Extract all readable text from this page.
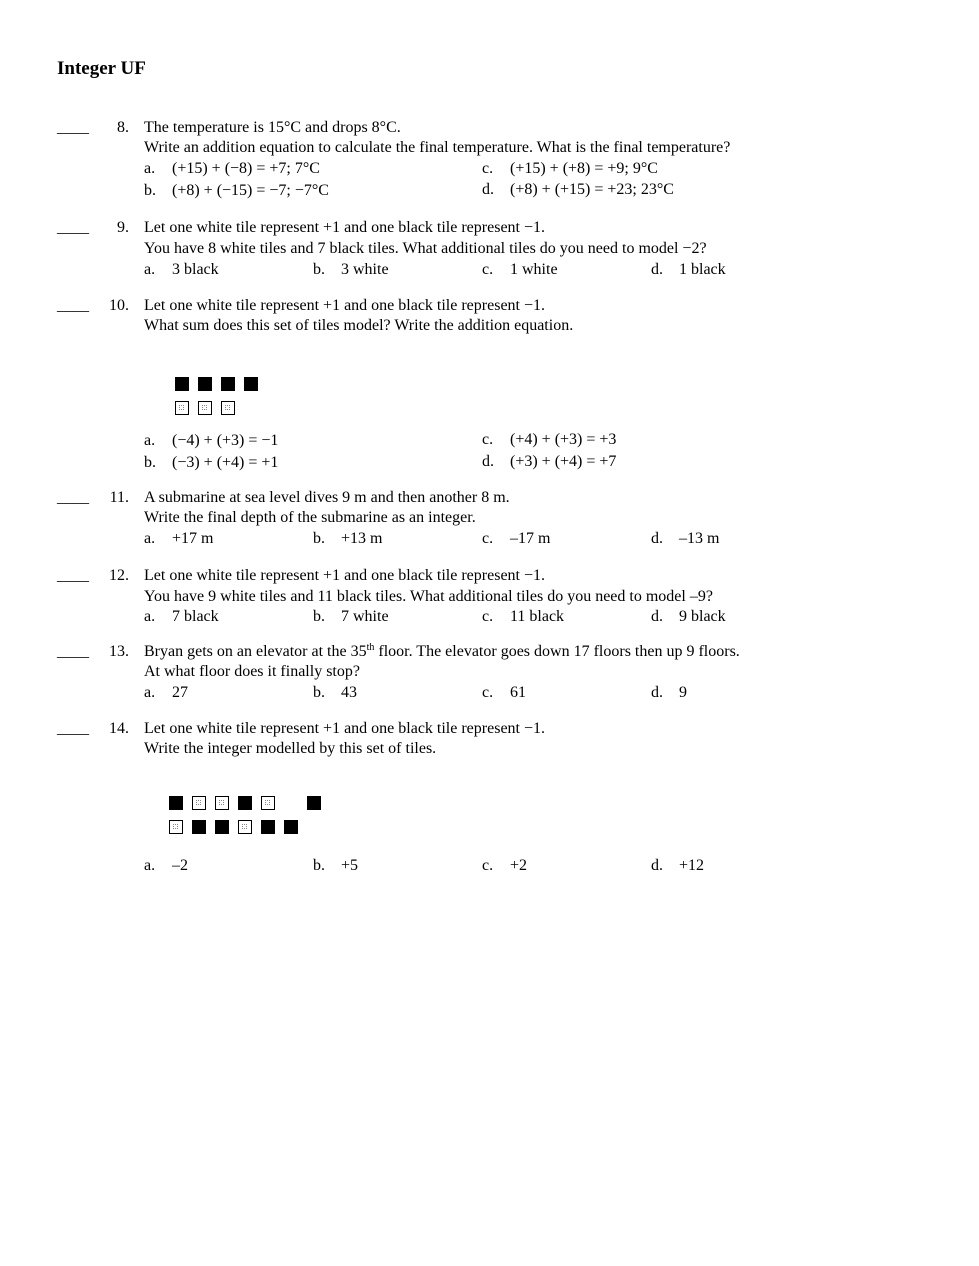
Integer UF
____	8. The temperature is 15°C and drops 8°C.
Write an addition equation to calculate the final temperature. What is the final temperature?
a. (+15) + (−8) = +7; 7°C
b. (+8) + (−15) = −7; −7°C
c. (+15) + (+8) = +9; 9°C
d. (+8) + (+15) = +23; 23°C
____	9. Let one white tile represent +1 and one black tile represent −1.
You have 8 white tiles and 7 black tiles. What additional tiles do you need to model −2?
a. 3 black	b. 3 white	c. 1 white	d. 1 black
____	10. Let one white tile represent +1 and one black tile represent −1.
What sum does this set of tiles model? Write the addition equation.
a. (−4) + (+3) = −1
b. (−3) + (+4) = +1
c. (+4) + (+3) = +3
d. (+3) + (+4) = +7
____	11. A submarine at sea level dives 9 m and then another 8 m.
Write the final depth of the submarine as an integer.
a. +17 m	b. +13 m	c. –17 m	d. –13 m
____	12. Let one white tile represent +1 and one black tile represent −1.
You have 9 white tiles and 11 black tiles. What additional tiles do you need to model –9?
a. 7 black	b. 7 white	c. 11 black	d. 9 black
____	13. Bryan gets on an elevator at the 35th floor. The elevator goes down 17 floors then up 9 floors.
At what floor does it finally stop?
a. 27	b. 43	c. 61	d. 9
____	14. Let one white tile represent +1 and one black tile represent −1.
Write the integer modelled by this set of tiles.
a. –2	b. +5	c. +2	d. +12
